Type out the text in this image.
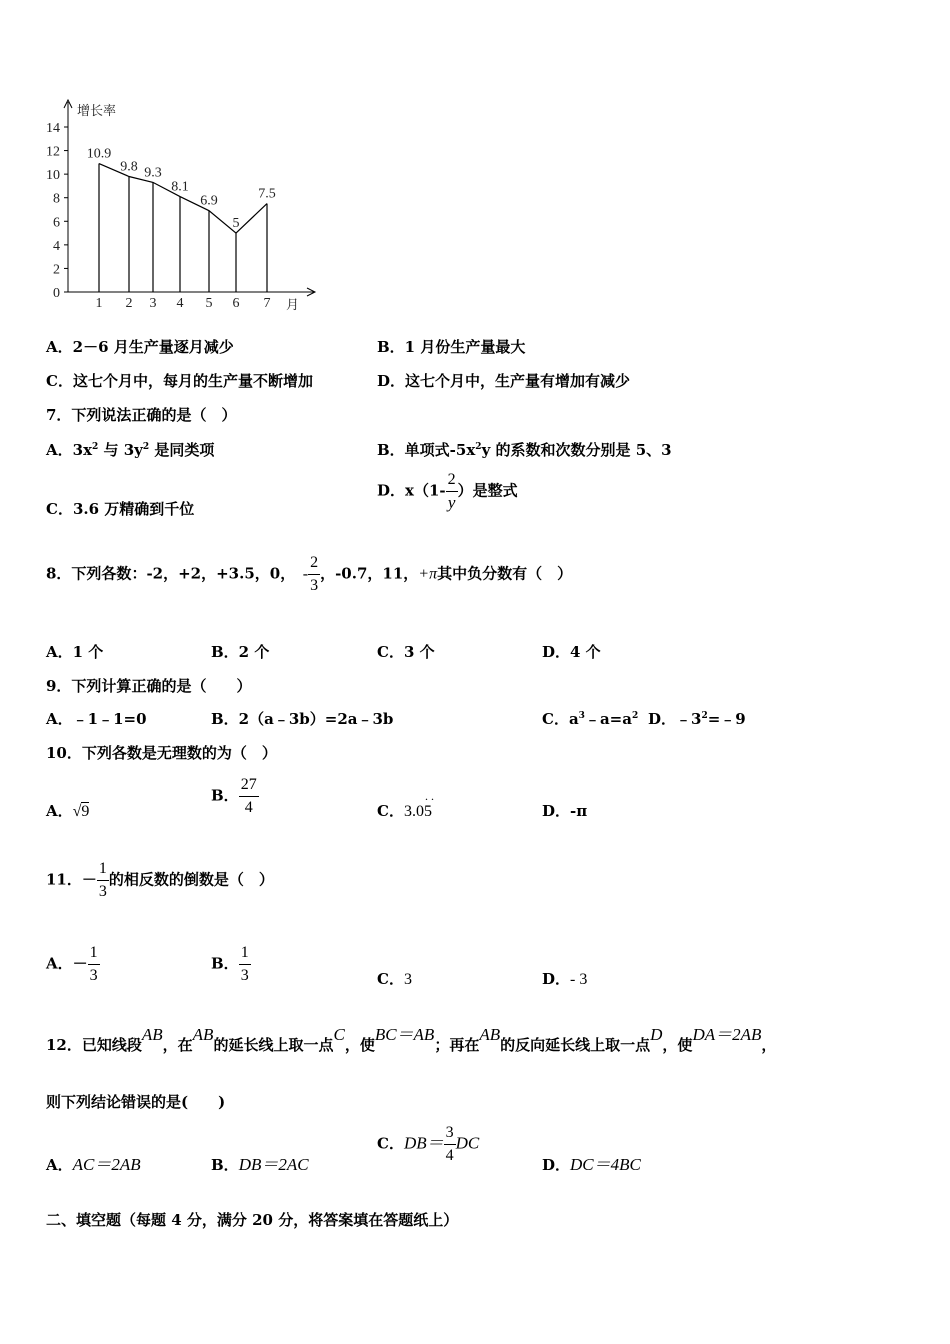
增长率
月
0
2
4
6
8
10
12
14
1 2 3 4 5 6 7
10.9
9.8 9.3
8.1
6.9
5
7.5
A．2－6 月生产量逐月减少	B．1 月份生产量最大
C．这七个月中，每月的生产量不断增加	D．这七个月中，生产量有增加有减少
7．下列说法正确的是（　）
A．$3x^2$ 与 $3y^2$ 是同类项	B．单项式$-5x^2y$ 的系数和次数分别是 5、3
C．3.6 万精确到千位
D．$x(1- \frac{2}{y}$ ）是整式
8．下列各数：-2，+2，+3.5，0，　 - $\frac{2}{3}$ ，-0.7，11，+π其中负分数有（　）
A．1 个	B．2 个	C．3 个	D．4 个
9．下列计算正确的是（　　）
A．﹣1﹣1=0	B．2（a﹣3b）=2a﹣3b	C．$a^3﹣a=a^2$ D．$﹣3^2=﹣9$
10．下列各数是无理数的为（　）
A．√9
B． $\frac{27}{4}$	C．3.05
. .
D．-π
11．－ $\frac{1}{3}$ 的相反数的倒数是（　）
A．－ $\frac{1}{3}$	B． $\frac{1}{3}$	C．3	D．- 3
12．已知线段AB，在AB的延长线上取一点C，使BC＝AB；再在AB的反向延长线上取一点D，使DA＝2AB，
则下列结论错误的是(　　)
A．AC＝2AB	B．DB＝2AC
C．$DB= \frac{3}{4}$ DC
D．DC＝4BC
二、填空题（每题 4 分，满分 20 分，将答案填在答题纸上）
